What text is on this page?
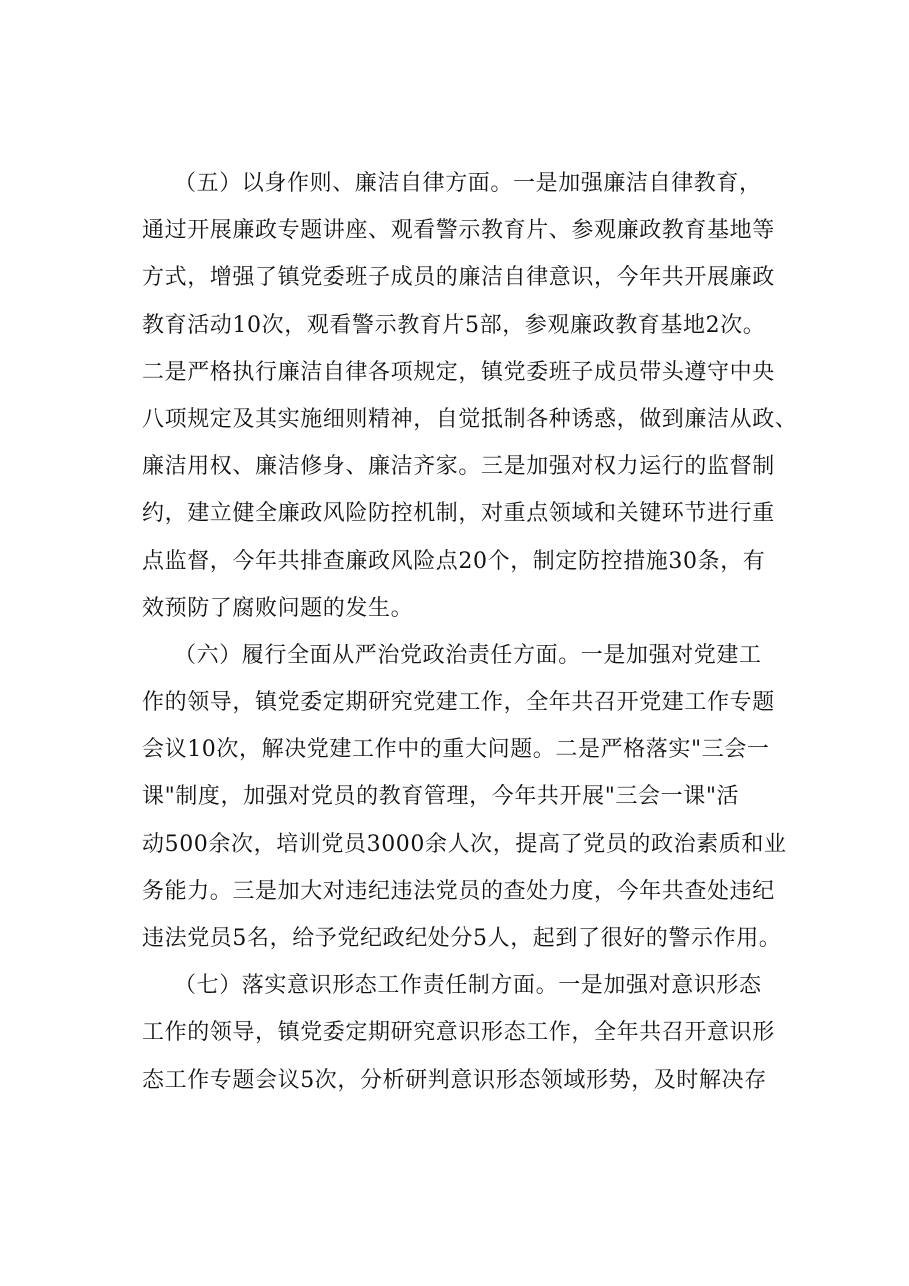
（五）以身作则、廉洁自律方面。一是加强廉洁自律教育，
通过开展廉政专题讲座、观看警示教育片、参观廉政教育基地等
方式，增强了镇党委班子成员的廉洁自律意识，今年共开展廉政
教育活动10次，观看警示教育片5部，参观廉政教育基地2次。
二是严格执行廉洁自律各项规定，镇党委班子成员带头遵守中央
八项规定及其实施细则精神，自觉抵制各种诱惑，做到廉洁从政、
廉洁用权、廉洁修身、廉洁齐家。三是加强对权力运行的监督制
约，建立健全廉政风险防控机制，对重点领域和关键环节进行重
点监督，今年共排查廉政风险点20个，制定防控措施30条，有
效预防了腐败问题的发生。
（六）履行全面从严治党政治责任方面。一是加强对党建工
作的领导，镇党委定期研究党建工作，全年共召开党建工作专题
会议10次，解决党建工作中的重大问题。二是严格落实"三会一
课"制度，加强对党员的教育管理，今年共开展"三会一课"活
动500余次，培训党员3000余人次，提高了党员的政治素质和业
务能力。三是加大对违纪违法党员的查处力度，今年共查处违纪
违法党员5名，给予党纪政纪处分5人，起到了很好的警示作用。
（七）落实意识形态工作责任制方面。一是加强对意识形态
工作的领导，镇党委定期研究意识形态工作，全年共召开意识形
态工作专题会议5次，分析研判意识形态领域形势，及时解决存
